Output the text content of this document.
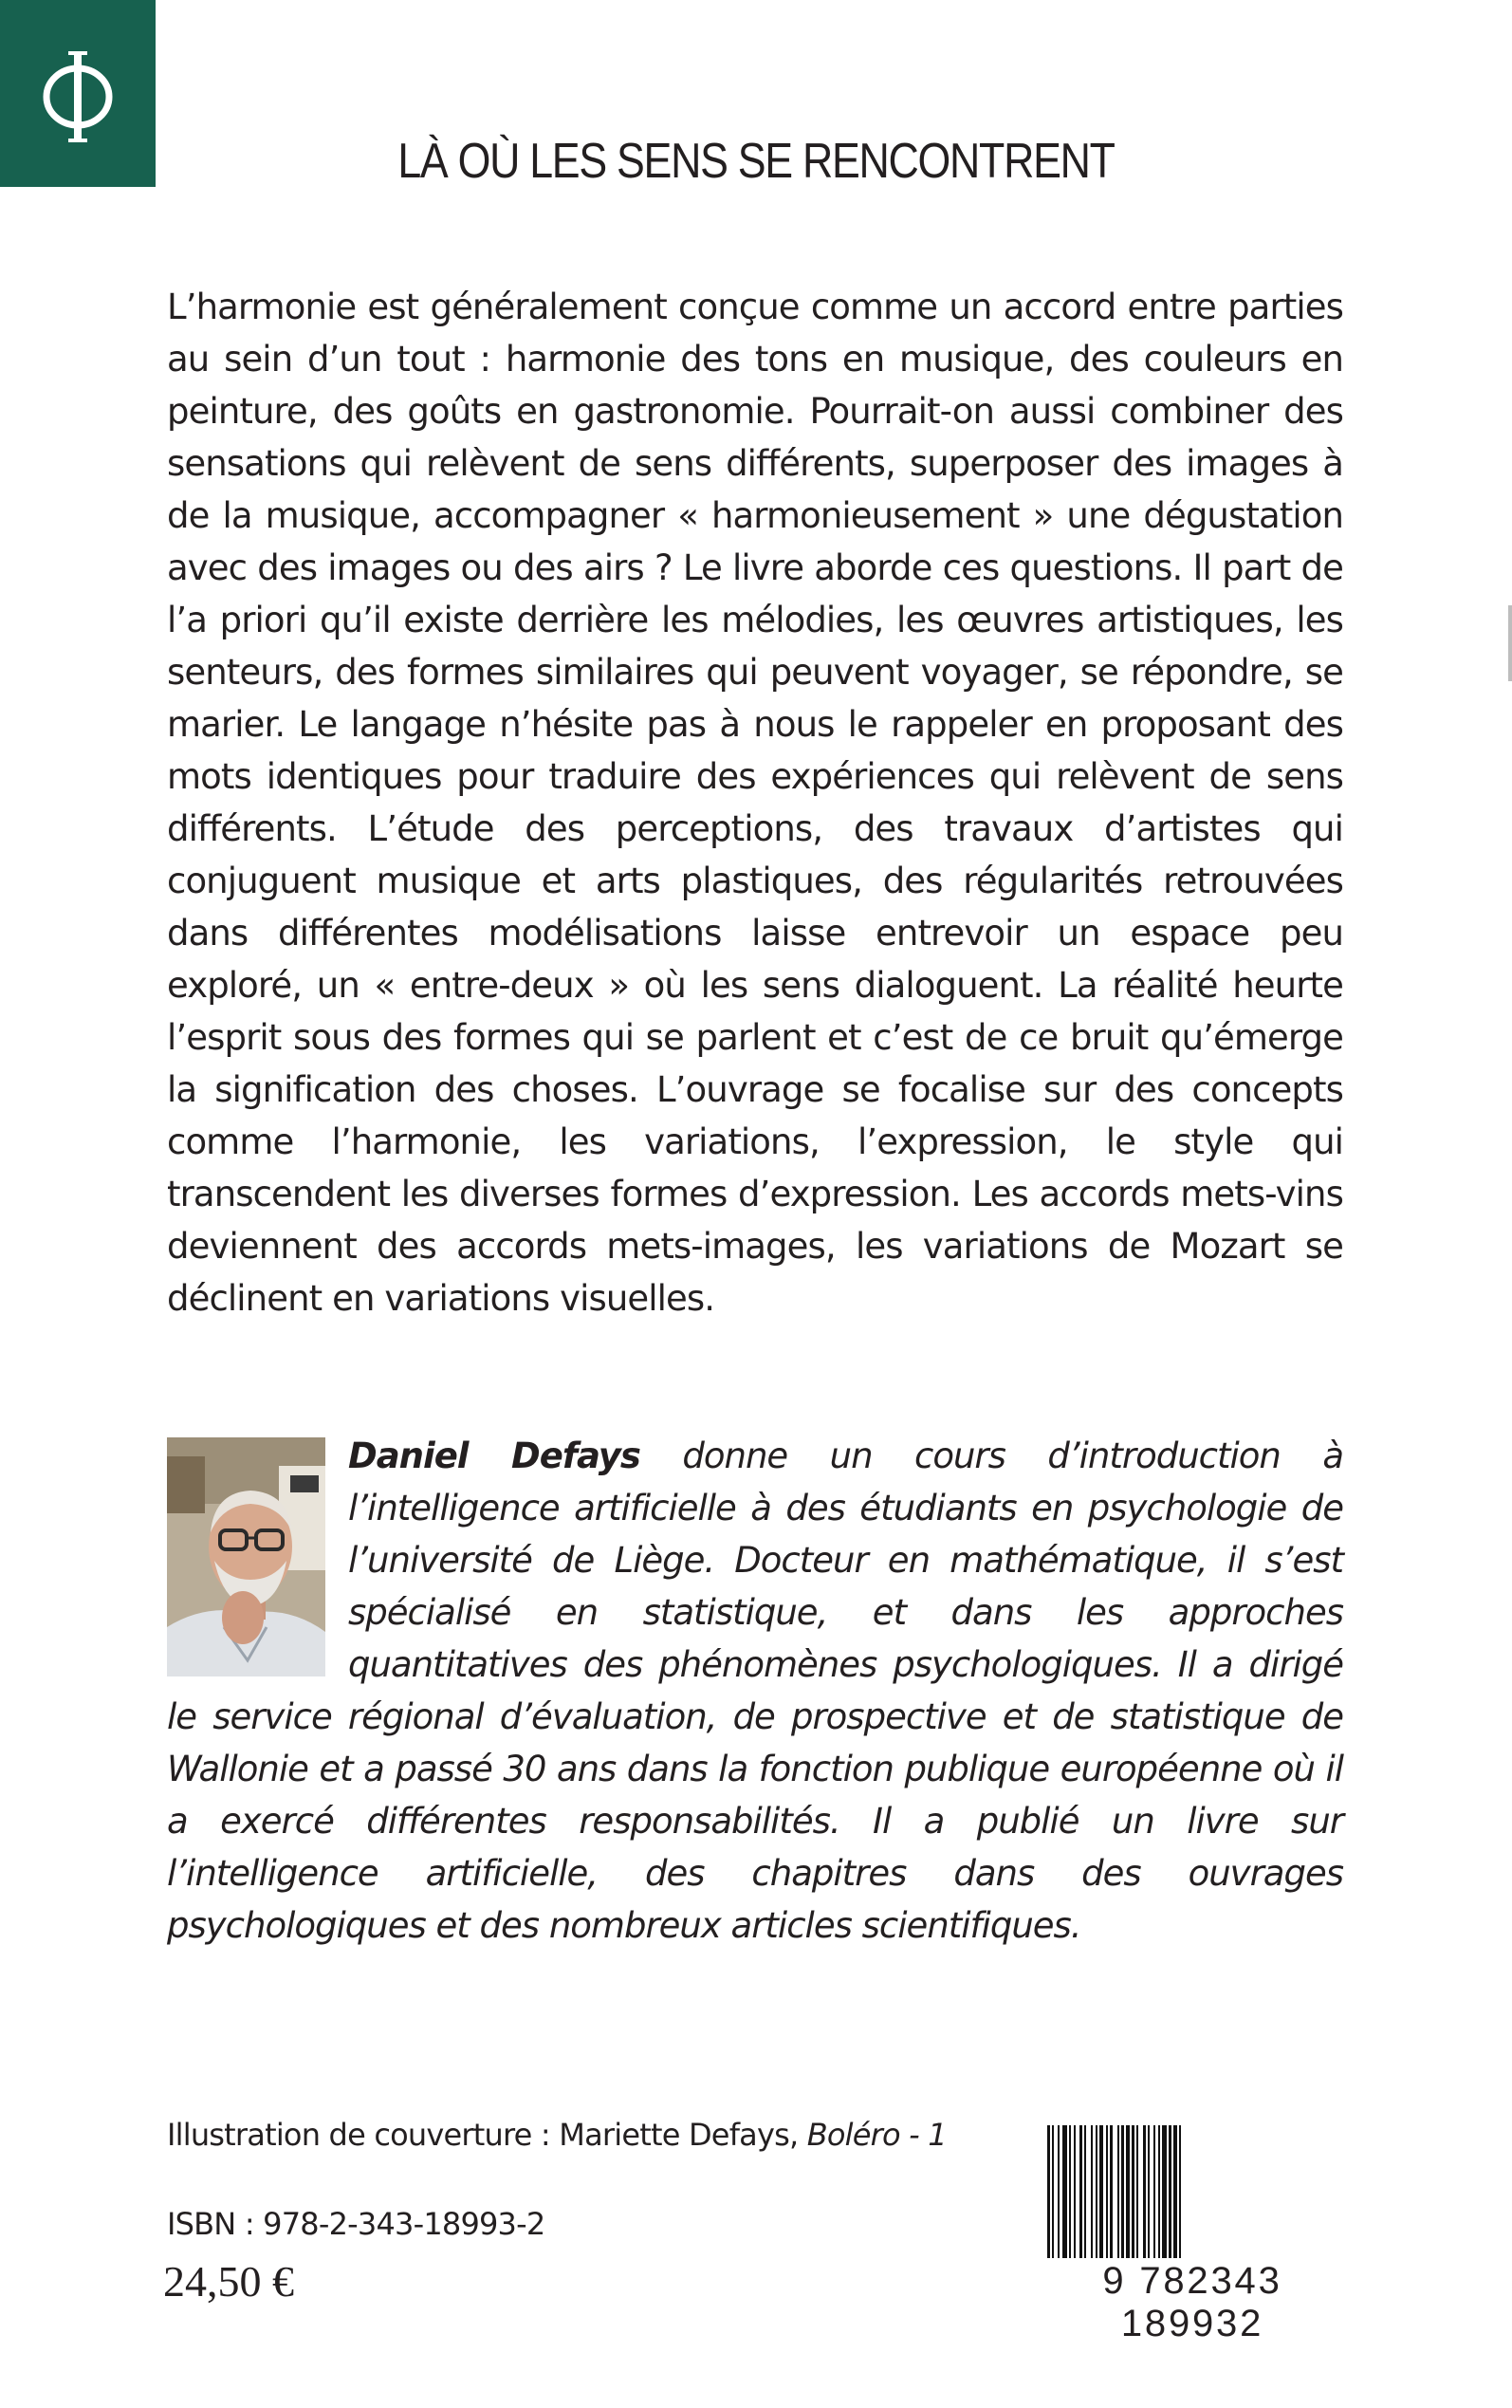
LÀ OÙ LES SENS SE RENCONTRENT

L’harmonie est généralement conçue comme un accord entre parties au sein d’un tout : harmonie des tons en musique, des couleurs en peinture, des goûts en gastronomie. Pourrait-on aussi combiner des sensations qui relèvent de sens différents, superposer des images à de la musique, accompagner « harmonieusement » une dégustation avec des images ou des airs ? Le livre aborde ces questions. Il part de l’a priori qu’il existe derrière les mélodies, les œuvres artistiques, les senteurs, des formes similaires qui peuvent voyager, se répondre, se marier. Le langage n’hésite pas à nous le rappeler en proposant des mots identiques pour traduire des expériences qui relèvent de sens différents. L’étude des perceptions, des travaux d’artistes qui conjuguent musique et arts plastiques, des régularités retrouvées dans différentes modélisations laisse entrevoir un espace peu exploré, un « entre-deux » où les sens dialoguent. La réalité heurte l’esprit sous des formes qui se parlent et c’est de ce bruit qu’émerge la signification des choses. L’ouvrage se focalise sur des concepts comme l’harmonie, les variations, l’expression, le style qui transcendent les diverses formes d’expression. Les accords mets-vins deviennent des accords mets-images, les variations de Mozart se déclinent en variations visuelles.

Daniel Defays donne un cours d’introduction à l’intelligence artificielle à des étudiants en psychologie de l’université de Liège. Docteur en mathématique, il s’est spécialisé en statistique, et dans les approches quantitatives des phénomènes psychologiques. Il a dirigé le service régional d’évaluation, de prospective et de statistique de Wallonie et a passé 30 ans dans la fonction publique européenne où il a exercé différentes responsabilités. Il a publié un livre sur l’intelligence artificielle, des chapitres dans des ouvrages psychologiques et des nombreux articles scientifiques.

Illustration de couverture : Mariette Defays, Boléro - 1
ISBN : 978-2-343-18993-2
24,50 €	9 782343 189932
